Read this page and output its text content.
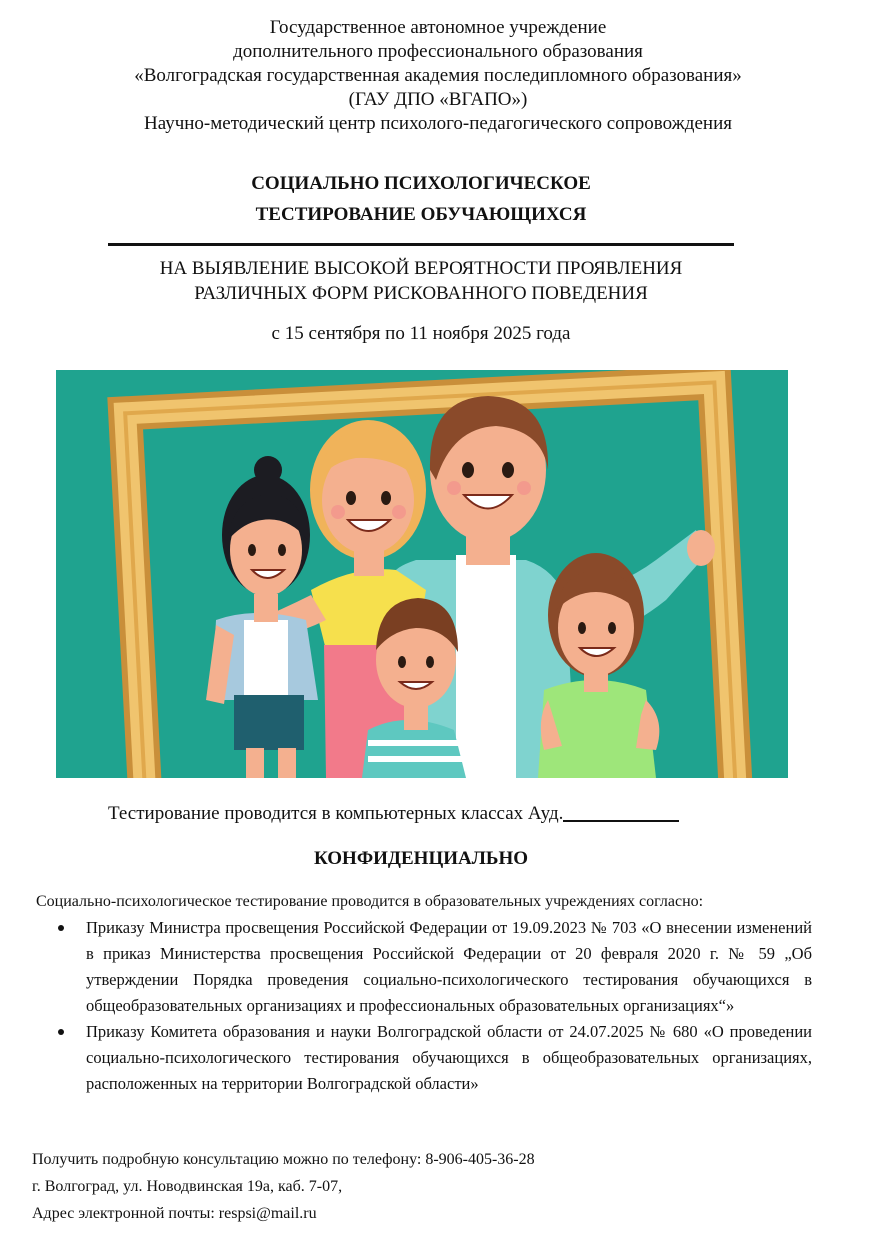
Государственное автономное учреждение
дополнительного профессионального образования
«Волгоградская государственная академия последипломного образования»
(ГАУ ДПО «ВГАПО»)
Научно-методический центр психолого-педагогического сопровождения
СОЦИАЛЬНО ПСИХОЛОГИЧЕСКОЕ
ТЕСТИРОВАНИЕ ОБУЧАЮЩИХСЯ
НА ВЫЯВЛЕНИЕ ВЫСОКОЙ ВЕРОЯТНОСТИ ПРОЯВЛЕНИЯ
РАЗЛИЧНЫХ ФОРМ РИСКОВАННОГО ПОВЕДЕНИЯ
с 15 сентября по 11 ноября 2025 года
Тестирование проводится в компьютерных классах Ауд.
КОНФИДЕНЦИАЛЬНО
Социально-психологическое тестирование проводится в образовательных учреждениях согласно:
Приказу Министра просвещения Российской Федерации от 19.09.2023 № 703 «О внесении изменений в приказ Министерства просвещения Российской Федерации от 20 февраля 2020 г. № 59 „Об утверждении Порядка проведения социально-психологического тестирования обучающихся в общеобразовательных организациях и профессиональных образовательных организациях“»
Приказу Комитета образования и науки Волгоградской области от 24.07.2025 № 680 «О проведении социально-психологического тестирования обучающихся в общеобразовательных организациях, расположенных на территории Волгоградской области»
Получить подробную консультацию можно по телефону: 8-906-405-36-28
г. Волгоград, ул. Новодвинская 19а, каб. 7-07,
Адрес электронной почты: respsi@mail.ru
